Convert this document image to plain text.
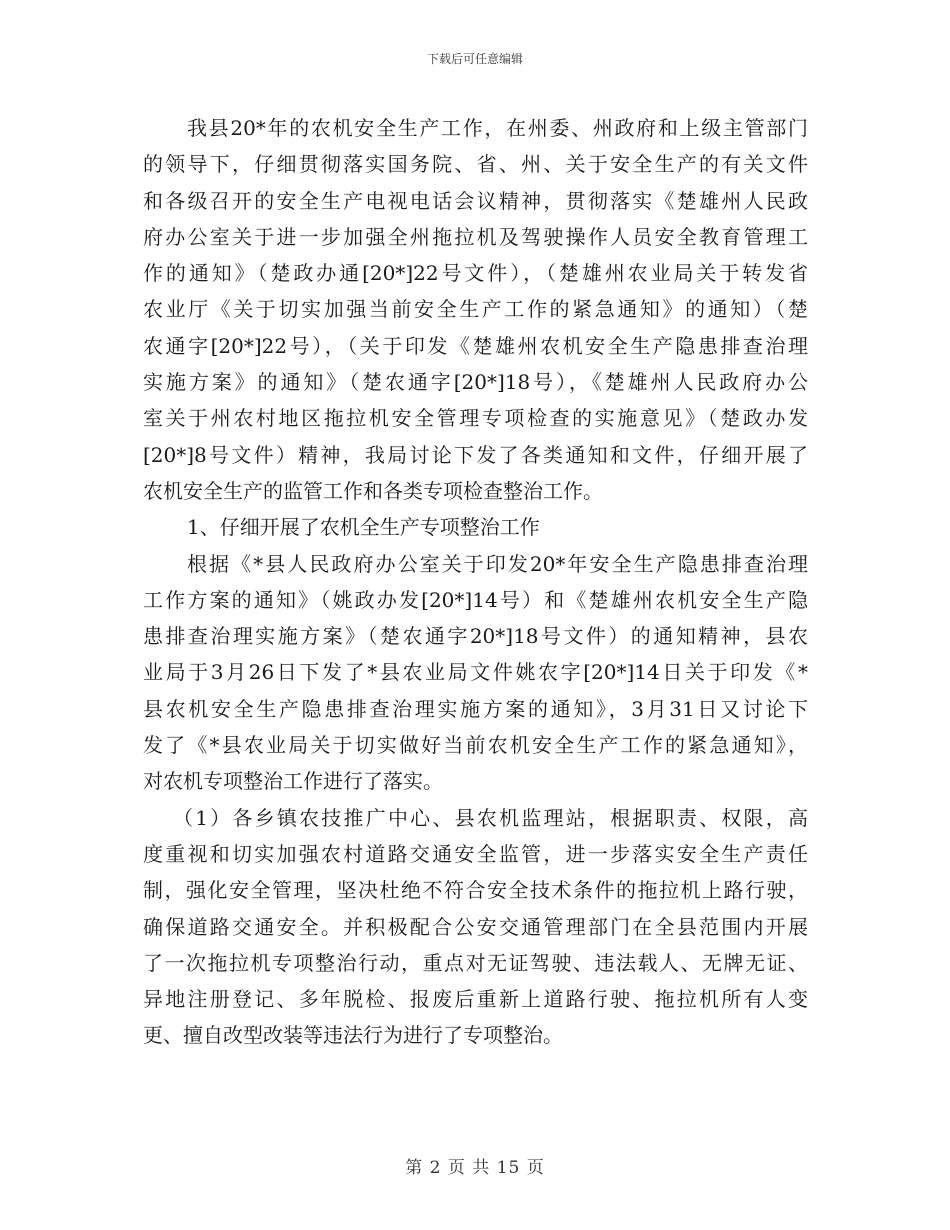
下载后可任意编辑
我县20*年的农机安全生产工作，在州委、州政府和上级主管部门
的领导下，仔细贯彻落实国务院、省、州、关于安全生产的有关文件
和各级召开的安全生产电视电话会议精神，贯彻落实《楚雄州人民政
府办公室关于进一步加强全州拖拉机及驾驶操作人员安全教育管理工
作的通知》（楚政办通[20*]22号文件），（楚雄州农业局关于转发省
农业厅《关于切实加强当前安全生产工作的紧急通知》的通知）（楚
农通字[20*]22号），（关于印发《楚雄州农机安全生产隐患排查治理
实施方案》的通知》（楚农通字[20*]18号），《楚雄州人民政府办公
室关于州农村地区拖拉机安全管理专项检查的实施意见》（楚政办发
[20*]8号文件）精神，我局讨论下发了各类通知和文件，仔细开展了
农机安全生产的监管工作和各类专项检查整治工作。
1、仔细开展了农机全生产专项整治工作
根据《*县人民政府办公室关于印发20*年安全生产隐患排查治理
工作方案的通知》（姚政办发[20*]14号）和《楚雄州农机安全生产隐
患排查治理实施方案》（楚农通字20*]18号文件）的通知精神，县农
业局于3月26日下发了*县农业局文件姚农字[20*]14日关于印发《*
县农机安全生产隐患排查治理实施方案的通知》，3月31日又讨论下
发了《*县农业局关于切实做好当前农机安全生产工作的紧急通知》，
对农机专项整治工作进行了落实。
（1）各乡镇农技推广中心、县农机监理站，根据职责、权限，高
度重视和切实加强农村道路交通安全监管，进一步落实安全生产责任
制，强化安全管理，坚决杜绝不符合安全技术条件的拖拉机上路行驶，
确保道路交通安全。并积极配合公安交通管理部门在全县范围内开展
了一次拖拉机专项整治行动，重点对无证驾驶、违法载人、无牌无证、
异地注册登记、多年脱检、报废后重新上道路行驶、拖拉机所有人变
更、擅自改型改装等违法行为进行了专项整治。
第 2 页 共 15 页
